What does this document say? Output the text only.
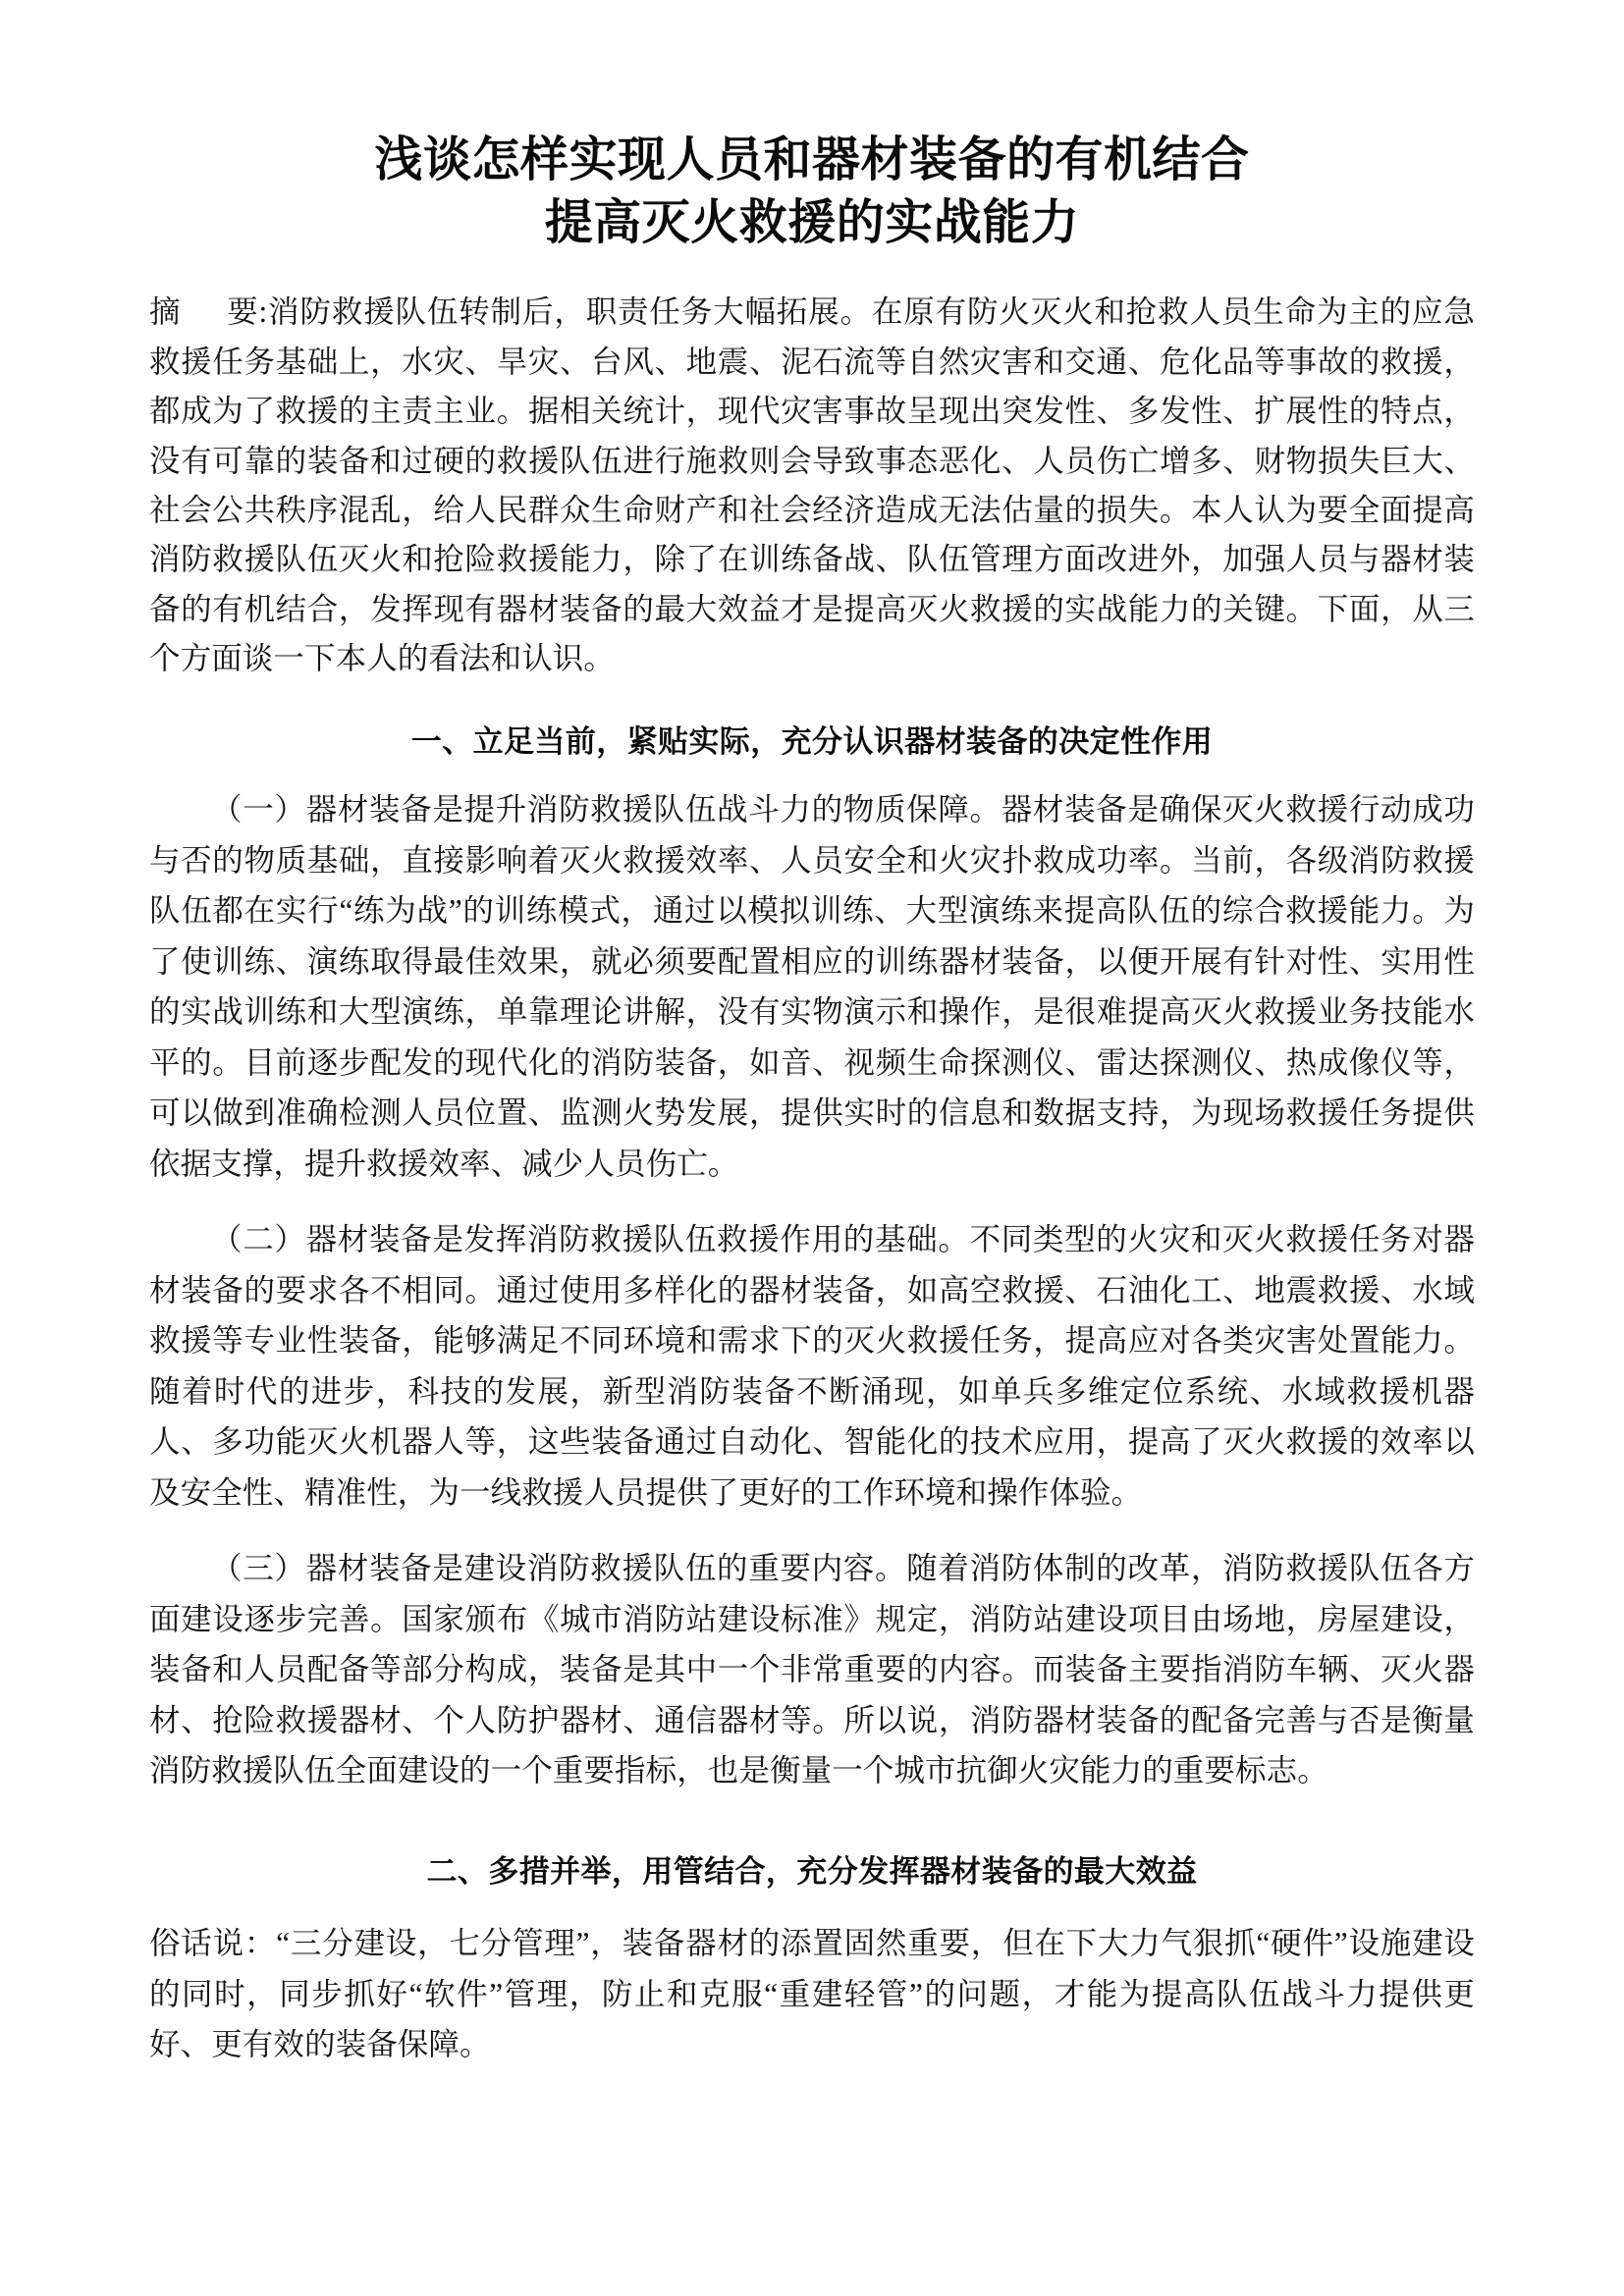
浅谈怎样实现人员和器材装备的有机结合
提高灭火救援的实战能力

摘 要:消防救援队伍转制后，职责任务大幅拓展。在原有防火灭火和抢救人员生命为主的应急救援任务基础上，水灾、旱灾、台风、地震、泥石流等自然灾害和交通、危化品等事故的救援，都成为了救援的主责主业。据相关统计，现代灾害事故呈现出突发性、多发性、扩展性的特点，没有可靠的装备和过硬的救援队伍进行施救则会导致事态恶化、人员伤亡增多、财物损失巨大、社会公共秩序混乱，给人民群众生命财产和社会经济造成无法估量的损失。本人认为要全面提高消防救援队伍灭火和抢险救援能力，除了在训练备战、队伍管理方面改进外，加强人员与器材装备的有机结合，发挥现有器材装备的最大效益才是提高灭火救援的实战能力的关键。下面，从三个方面谈一下本人的看法和认识。

一、立足当前，紧贴实际，充分认识器材装备的决定性作用

（一）器材装备是提升消防救援队伍战斗力的物质保障。器材装备是确保灭火救援行动成功与否的物质基础，直接影响着灭火救援效率、人员安全和火灾扑救成功率。当前，各级消防救援队伍都在实行“练为战”的训练模式，通过以模拟训练、大型演练来提高队伍的综合救援能力。为了使训练、演练取得最佳效果，就必须要配置相应的训练器材装备，以便开展有针对性、实用性的实战训练和大型演练，单靠理论讲解，没有实物演示和操作，是很难提高灭火救援业务技能水平的。目前逐步配发的现代化的消防装备，如音、视频生命探测仪、雷达探测仪、热成像仪等，可以做到准确检测人员位置、监测火势发展，提供实时的信息和数据支持，为现场救援任务提供依据支撑，提升救援效率、减少人员伤亡。

（二）器材装备是发挥消防救援队伍救援作用的基础。不同类型的火灾和灭火救援任务对器材装备的要求各不相同。通过使用多样化的器材装备，如高空救援、石油化工、地震救援、水域救援等专业性装备，能够满足不同环境和需求下的灭火救援任务，提高应对各类灾害处置能力。随着时代的进步，科技的发展，新型消防装备不断涌现，如单兵多维定位系统、水域救援机器人、多功能灭火机器人等，这些装备通过自动化、智能化的技术应用，提高了灭火救援的效率以及安全性、精准性，为一线救援人员提供了更好的工作环境和操作体验。

（三）器材装备是建设消防救援队伍的重要内容。随着消防体制的改革，消防救援队伍各方面建设逐步完善。国家颁布《城市消防站建设标准》规定，消防站建设项目由场地，房屋建设，装备和人员配备等部分构成，装备是其中一个非常重要的内容。而装备主要指消防车辆、灭火器材、抢险救援器材、个人防护器材、通信器材等。所以说，消防器材装备的配备完善与否是衡量消防救援队伍全面建设的一个重要指标，也是衡量一个城市抗御火灾能力的重要标志。

二、多措并举，用管结合，充分发挥器材装备的最大效益

俗话说：“三分建设，七分管理”，装备器材的添置固然重要，但在下大力气狠抓“硬件”设施建设的同时，同步抓好“软件”管理，防止和克服“重建轻管”的问题，才能为提高队伍战斗力提供更好、更有效的装备保障。
